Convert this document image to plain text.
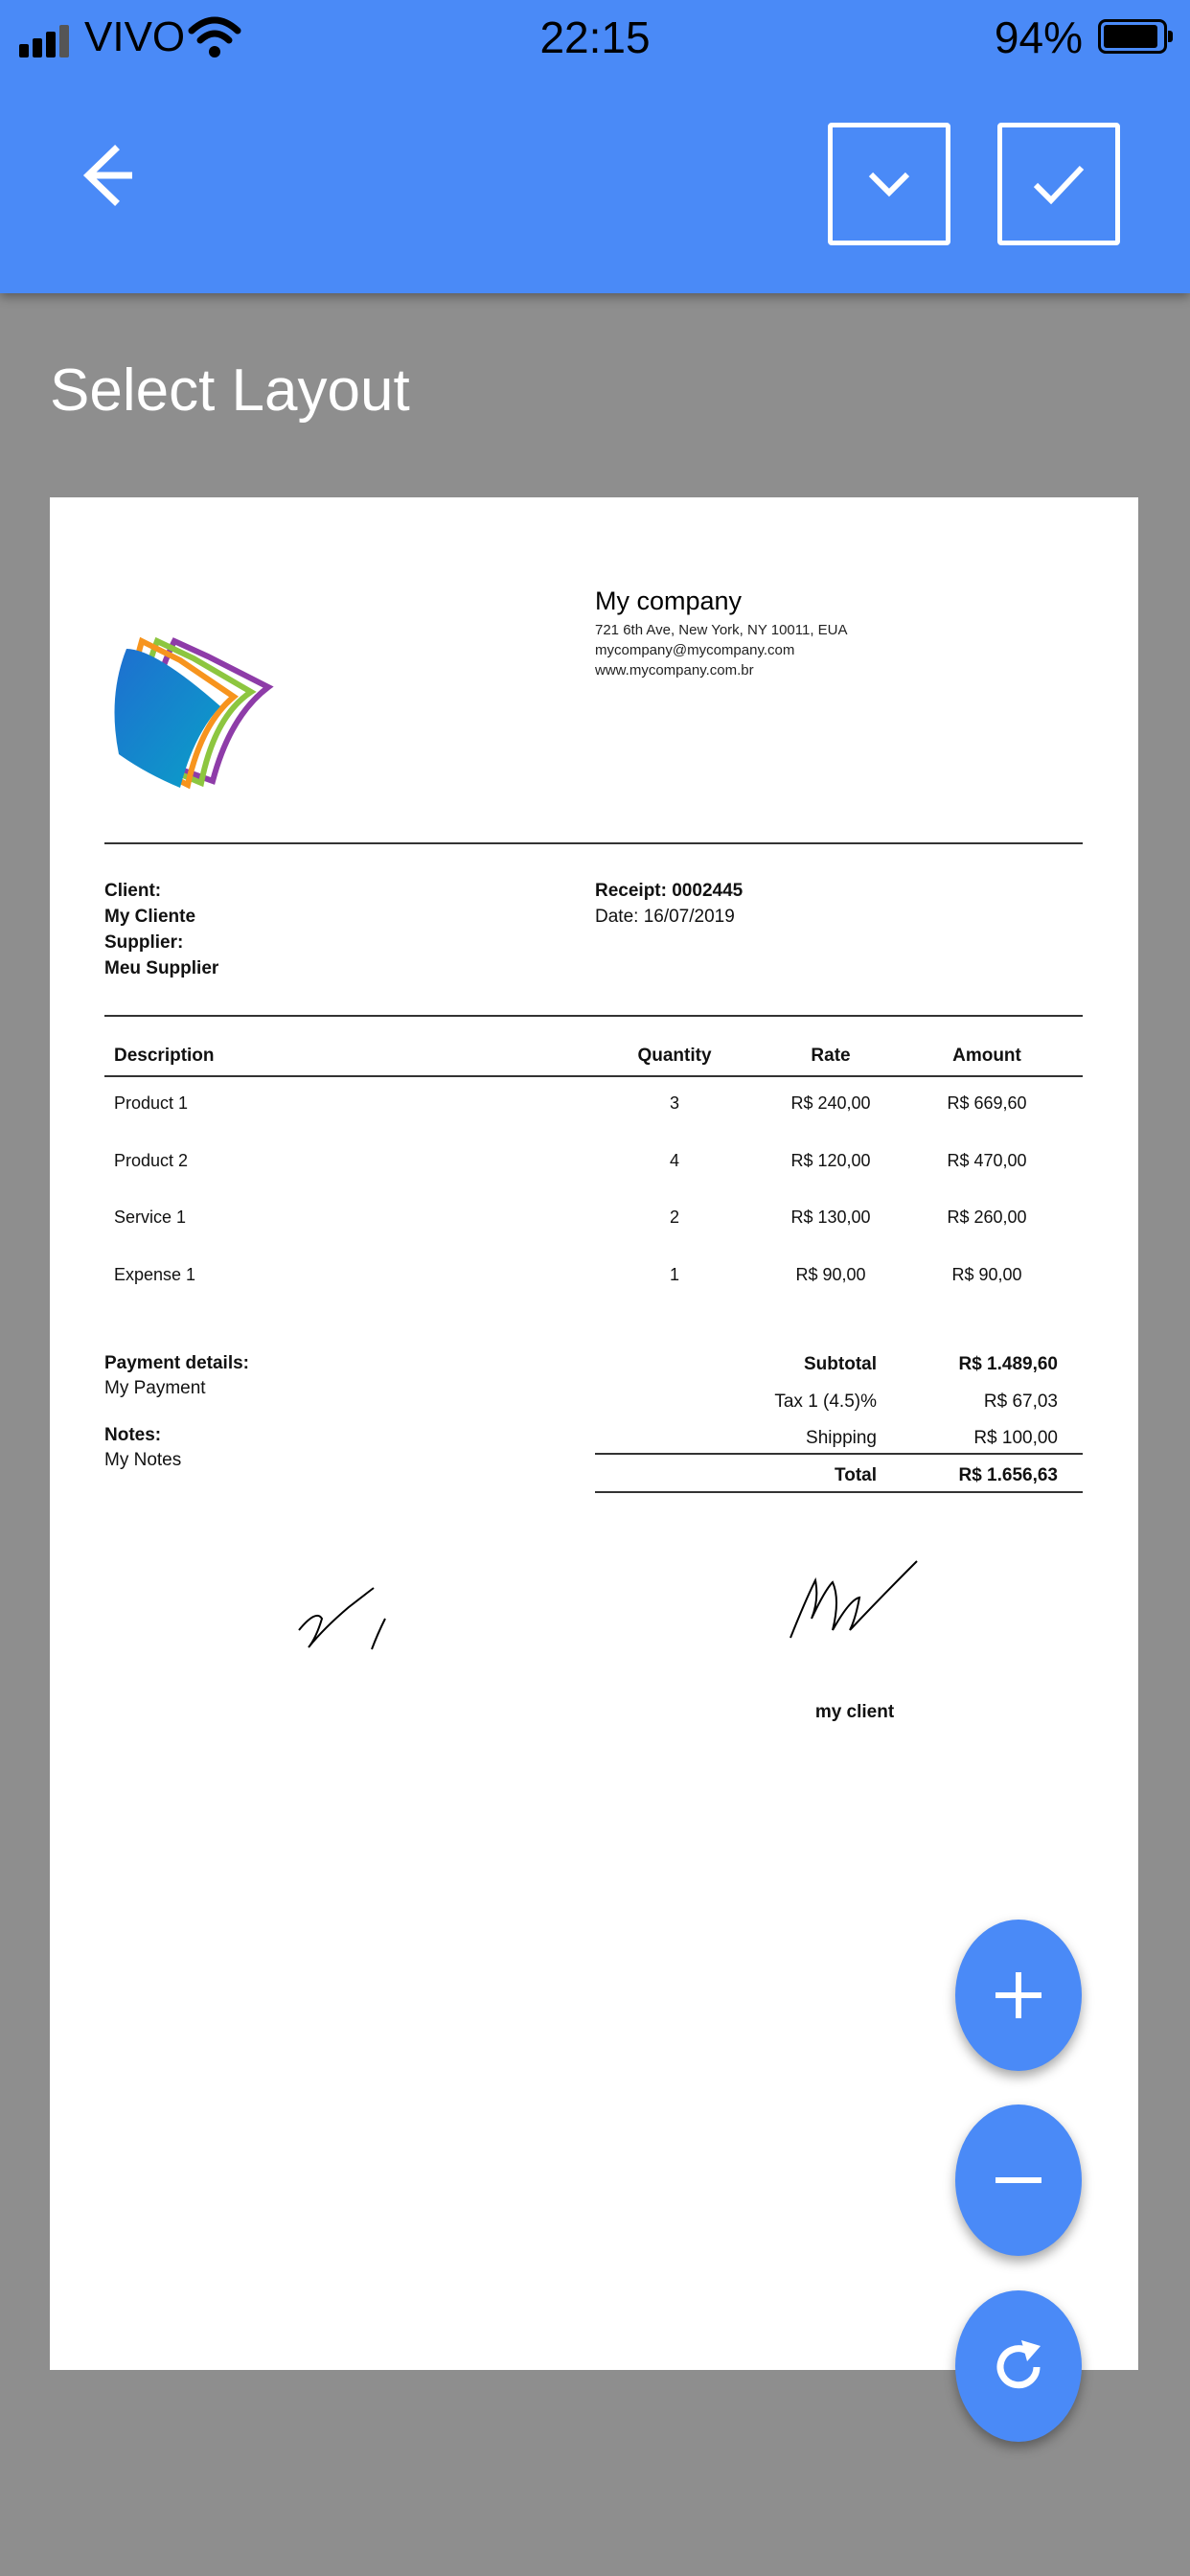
VIVO	22:15	94%
Select Layout
My company
721 6th Ave, New York, NY 10011, EUA
mycompany@mycompany.com
www.mycompany.com.br
Client:
My Cliente
Supplier:
Meu Supplier
Receipt: 0002445
Date: 16/07/2019
Description	Quantity	Rate	Amount
Product 1	3	R$ 240,00	R$ 669,60
Product 2	4	R$ 120,00	R$ 470,00
Service 1	2	R$ 130,00	R$ 260,00
Expense 1	1	R$ 90,00	R$ 90,00
Payment details:
My Payment
Notes:
My Notes
Subtotal	R$ 1.489,60
Tax 1 (4.5)%	R$ 67,03
Shipping	R$ 100,00
Total	R$ 1.656,63
my client
